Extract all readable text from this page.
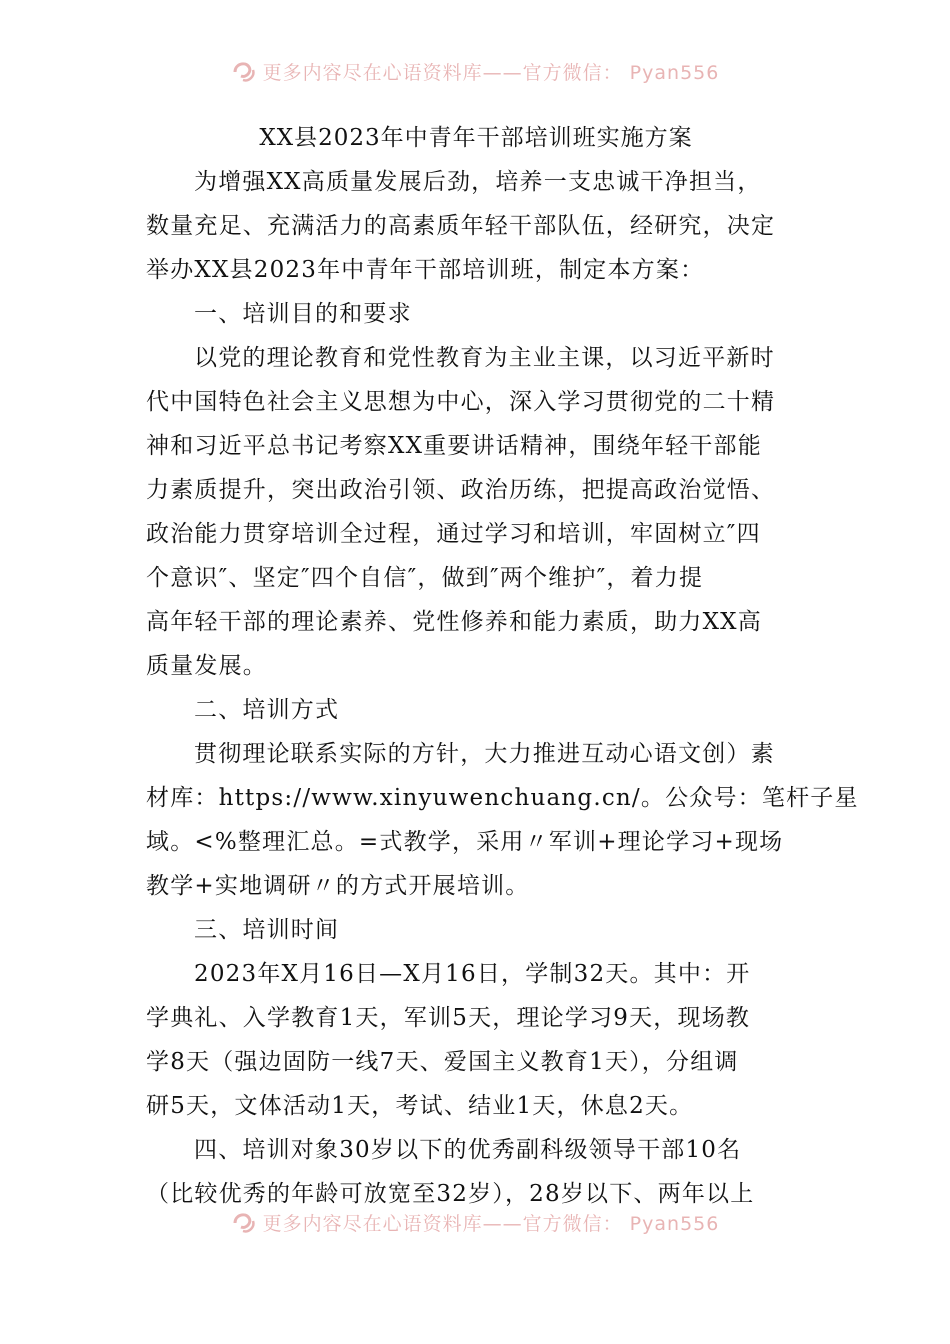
更多内容尽在心语资料库——官方微信： Pyan556
XX县2023年中青年干部培训班实施方案

为增强XX高质量发展后劲，培养一支忠诚干净担当，

数量充足、充满活力的高素质年轻干部队伍，经研究，决定

举办XX县2023年中青年干部培训班，制定本方案：

一、培训目的和要求

以党的理论教育和党性教育为主业主课，以习近平新时

代中国特色社会主义思想为中心，深入学习贯彻党的二十精

神和习近平总书记考察XX重要讲话精神，围绕年轻干部能

力素质提升，突出政治引领、政治历练，把提高政治觉悟、

政治能力贯穿培训全过程，通过学习和培训，牢固树立″四

个意识″、坚定″四个自信″，做到″两个维护″，着力提

高年轻干部的理论素养、党性修养和能力素质，助力XX高

质量发展。

二、培训方式

贯彻理论联系实际的方针，大力推进互动心语文创）素

材库：https://www.xinyuwenchuang.cn/。公众号：笔杆子星

域。<%整理汇总。=式教学，采用〃军训+理论学习+现场

教学+实地调研〃的方式开展培训。

三、培训时间

2023年X月16日—X月16日，学制32天。其中：开

学典礼、入学教育1天，军训5天，理论学习9天，现场教

学8天（强边固防一线7天、爱国主义教育1天），分组调

研5天，文体活动1天，考试、结业1天，休息2天。

四、培训对象30岁以下的优秀副科级领导干部10名

（比较优秀的年龄可放宽至32岁），28岁以下、两年以上

更多内容尽在心语资料库——官方微信： Pyan556
